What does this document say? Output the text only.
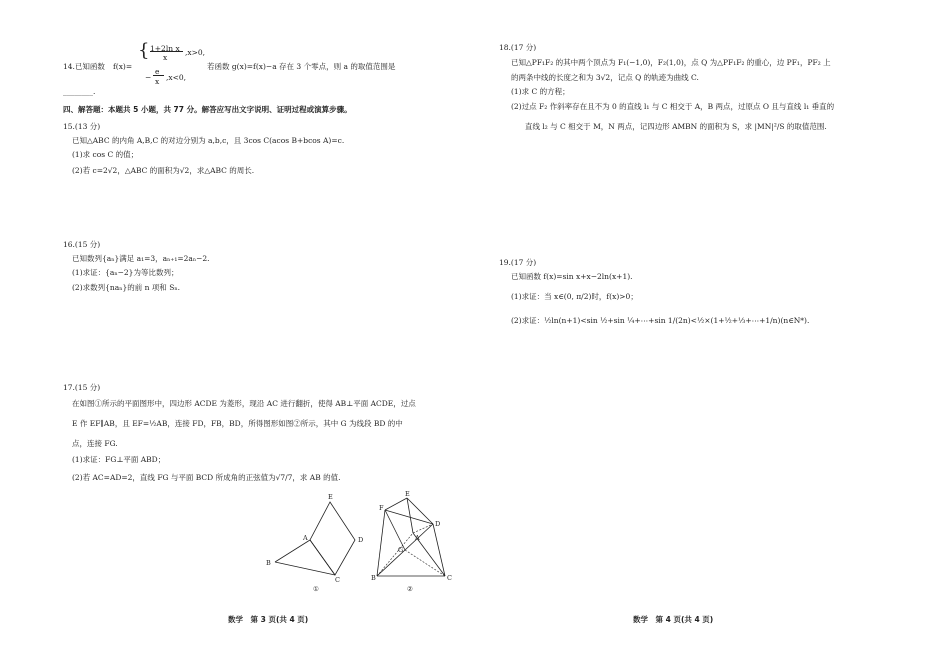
14.已知函数 f(x)=
{ 1+2ln x
x
,x>0,
−
e
x ,x<0,
若函数 g(x)=f(x)−a 存在 3 个零点，则 a 的取值范围是
________.
四、解答题：本题共 5 小题，共 77 分。解答应写出文字说明、证明过程或演算步骤。
15.(13 分)
已知△ABC 的内角 A,B,C 的对边分别为 a,b,c，且 3cos C(acos B+bcos A)=c.
(1)求 cos C 的值；
(2)若 c=2√2，△ABC 的面积为√2，求△ABC 的周长.
16.(15 分)
已知数列{aₙ}满足 a₁=3，aₙ₊₁=2aₙ−2.
(1)求证：{aₙ−2}为等比数列；
(2)求数列{naₙ}的前 n 项和 Sₙ.
17.(15 分)
在如图①所示的平面图形中，四边形 ACDE 为菱形，现沿 AC 进行翻折，使得 AB⊥平面 ACDE，过点
E 作 EF∥AB，且 EF=½AB，连接 FD，FB，BD，所得图形如图②所示，其中 G 为线段 BD 的中
点，连接 FG.
(1)求证：FG⊥平面 ABD；
(2)若 AC=AD=2，直线 FG 与平面 BCD 所成角的正弦值为√7/7，求 AB 的值.
E
A	D
B
C
①
F
E
D
A
G
B	C
②
数学　第 3 页(共 4 页)
18.(17 分)
已知△PF₁F₂ 的其中两个顶点为 F₁(−1,0)，F₂(1,0)，点 Q 为△PF₁F₂ 的重心，边 PF₁，PF₂ 上
的两条中线的长度之和为 3√2，记点 Q 的轨迹为曲线 C.
(1)求 C 的方程；
(2)过点 F₂ 作斜率存在且不为 0 的直线 l₁ 与 C 相交于 A，B 两点，过原点 O 且与直线 l₁ 垂直的
直线 l₂ 与 C 相交于 M，N 两点，记四边形 AMBN 的面积为 S，求 |MN|²/S 的取值范围.
19.(17 分)
已知函数 f(x)=sin x+x−2ln(x+1).
(1)求证：当 x∈(0, π/2)时，f(x)>0；
(2)求证：½ln(n+1)<sin ½+sin ¼+⋯+sin 1/(2n)<½×(1+½+⅓+⋯+1/n)(n∈N*).
数学　第 4 页(共 4 页)
